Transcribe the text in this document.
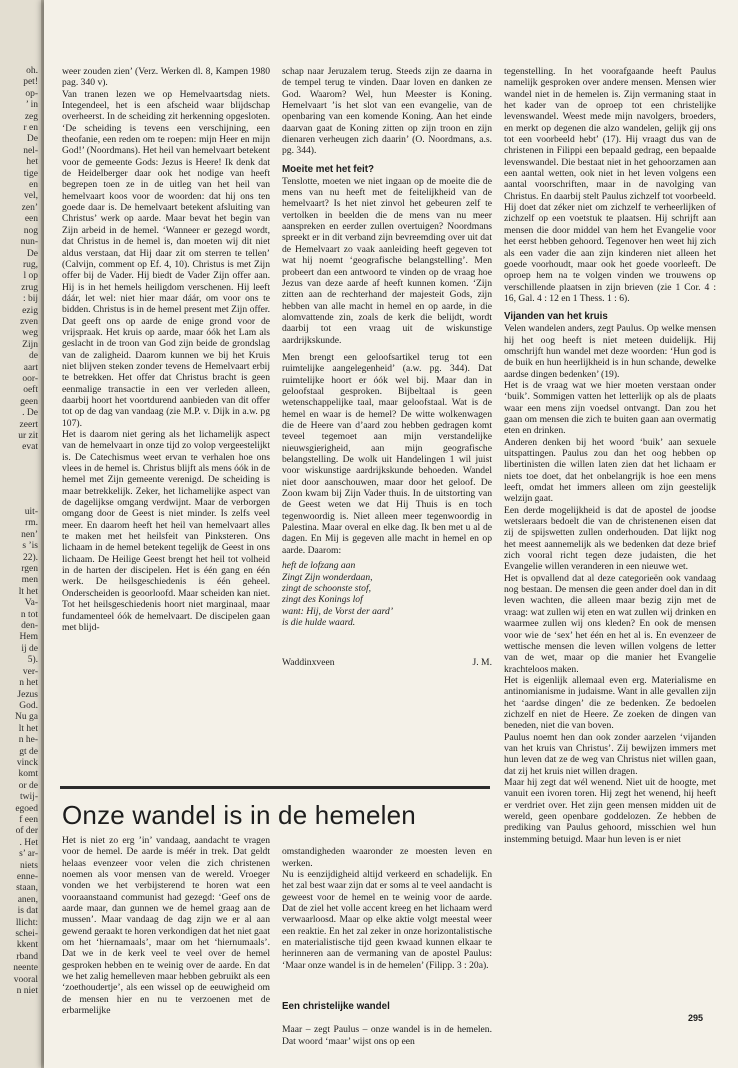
oh.
pet!
op-
’ in
zeg
r en
De
nel-
het
tige
en
vel,
zen’
een
nog
nun-
De
rug,
l op
zrug
: bij
ezig
zven
weg
Zijn
de
aart
oor-
oeft
geen
. De
zeert
ur zit
evat
uit-
rm.
nen’
s ’is
22).
rgen
men
lt het
Va-
n tot
den-
Hem
ij de
5).
ver-
n het
Jezus
God.
Nu ga
lt het
n he-
gt de
vinck
komt
or de
twij-
egoed
f een
of der
. Het
s’ ar-
niets
enne-
staan,
anen,
is dat
llicht:
schei-
kkent
rband
neente
vooral
n niet

weer zouden zien’ (Verz. Werken dl. 8, Kampen 1980 pag. 340 v).

Van tranen lezen we op Hemelvaartsdag niets. Integendeel, het is een afscheid waar blijdschap overheerst. In de scheiding zit herkenning opgesloten. ‘De scheiding is tevens een verschijning, een theofanie, een reden om te roepen: mijn Heer en mijn God!’ (Noordmans). Het heil van hemelvaart betekent voor de gemeente Gods: Jezus is Heere! Ik denk dat de Heidelberger daar ook het nodige van heeft begrepen toen ze in de uitleg van het heil van hemelvaart koos voor de woorden: dat hij ons ten goede daar is. De hemelvaart betekent afsluiting van Christus’ werk op aarde. Maar bevat het begin van Zijn arbeid in de hemel. ‘Wanneer er gezegd wordt, dat Christus in de hemel is, dan moeten wij dit niet aldus verstaan, dat Hij daar zit om sterren te tellen’ (Calvijn, comment op Ef. 4, 10). Christus is met Zijn offer bij de Vader. Hij biedt de Vader Zijn offer aan. Hij is in het hemels heiligdom verschenen. Hij leeft dáár, let wel: niet hier maar dáár, om voor ons te bidden. Christus is in de hemel present met Zijn offer. Dat geeft ons op aarde de enige grond voor de vrijspraak. Het kruis op aarde, maar óók het Lam als geslacht in de troon van God zijn beide de grondslag van de zaligheid. Daarom kunnen we bij het Kruis niet blijven steken zonder tevens de Hemelvaart erbij te betrekken. Het offer dat Christus bracht is geen eenmalige transactie in een ver verleden alleen, daarbij hoort het voortdurend aanbieden van dit offer tot op de dag van vandaag (zie M.P. v. Dijk in a.w. pg 107).

Het is daarom niet gering als het lichamelijk aspect van de hemelvaart in onze tijd zo volop vergeestelijkt is. De Catechismus weet ervan te verhalen hoe ons vlees in de hemel is. Christus blijft als mens óók in de hemel met Zijn gemeente verenigd. De scheiding is maar betrekkelijk. Zeker, het lichamelijke aspect van de dagelijkse omgang verdwijnt. Maar de verborgen omgang door de Geest is niet minder. Is zelfs veel meer. En daarom heeft het heil van hemelvaart alles te maken met het heilsfeit van Pinksteren. Ons lichaam in de hemel betekent tegelijk de Geest in ons lichaam. De Heilige Geest brengt het heil tot volheid in de harten der discipelen. Het is één gang en één werk. De heilsgeschiedenis is één geheel. Onderscheiden is geoorloofd. Maar scheiden kan niet. Tot het heilsgeschiedenis hoort niet marginaal, maar fundamenteel óók de hemelvaart. De discipelen gaan met blijd-

schap naar Jeruzalem terug. Steeds zijn ze daarna in de tempel terug te vinden. Daar loven en danken ze God. Waarom? Wel, hun Meester is Koning. Hemelvaart ’is het slot van een evangelie, van de openbaring van een komende Koning. Aan het einde daarvan gaat de Koning zitten op zijn troon en zijn dienaren verheugen zich daarin’ (O. Noordmans, a.s. pg. 344).

Moeite met het feit?

Tenslotte, moeten we niet ingaan op de moeite die de mens van nu heeft met de feitelijkheid van de hemelvaart? Is het niet zinvol het gebeuren zelf te vertolken in beelden die de mens van nu meer aanspreken en eerder zullen overtuigen? Noordmans spreekt er in dit verband zijn bevreemding over uit dat de Hemelvaart zo vaak aanleiding heeft gegeven tot wat hij noemt ‘geografische belangstelling’. Men probeert dan een antwoord te vinden op de vraag hoe Jezus van deze aarde af heeft kunnen komen. ‘Zijn zitten aan de rechterhand der majesteit Gods, zijn hebben van alle macht in hemel en op aarde, in die alomvattende zin, zoals de kerk die belijdt, wordt daarbij tot een vraag uit de wiskunstige aardrijkskunde.

Men brengt een geloofsartikel terug tot een ruimtelijke aangelegenheid’ (a.w. pg. 344). Dat ruimtelijke hoort er óók wel bij. Maar dan in geloofstaal gesproken. Bijbeltaal is geen wetenschappelijke taal, maar geloofstaal. Wat is de hemel en waar is de hemel? De witte wolkenwagen die de Heere van d’aard zou hebben gedragen komt teveel tegemoet aan mijn verstandelijke nieuwsgierigheid, aan mijn geografische belangstelling. De wolk uit Handelingen 1 wil juist voor wiskunstige aardrijkskunde behoeden. Wandel niet door aanschouwen, maar door het geloof. De Zoon kwam bij Zijn Vader thuis. In de uitstorting van de Geest weten we dat Hij Thuis is en toch tegenwoordig is. Niet alleen meer tegenwoordig in Palestina. Maar overal en elke dag. Ik ben met u al de dagen. En Mij is gegeven alle macht in hemel en op aarde. Daarom:

heft de lofzang aan
Zingt Zijn wonderdaan,
zingt de schoonste stof,
zingt des Konings lof
want: Hij, de Vorst der aard’
is die hulde waard.
Waddinxveen	J. M.

tegenstelling. In het voorafgaande heeft Paulus namelijk gesproken over andere mensen. Mensen wier wandel niet in de hemelen is. Zijn vermaning staat in het kader van de oproep tot een christelijke levenswandel. Weest mede mijn navolgers, broeders, en merkt op degenen die alzo wandelen, gelijk gij ons tot een voorbeeld hebt’ (17). Hij vraagt dus van de christenen in Filippi een bepaald gedrag, een bepaalde levenswandel. Die bestaat niet in het gehoorzamen aan een aantal wetten, ook niet in het leven volgens een aantal voorschriften, maar in de navolging van Christus. En daarbij stelt Paulus zichzelf tot voorbeeld. Hij doet dat zéker niet om zichzelf te verheerlijken of zichzelf op een voetstuk te plaatsen. Hij schrijft aan mensen die door middel van hem het Evangelie voor het eerst hebben gehoord. Tegenover hen weet hij zich als een vader die aan zijn kinderen niet alleen het goede voorhoudt, maar ook het goede voorleeft. De oproep hem na te volgen vinden we trouwens op verschillende plaatsen in zijn brieven (zie 1 Cor. 4 : 16, Gal. 4 : 12 en 1 Thess. 1 : 6).

Vijanden van het kruis

Velen wandelen anders, zegt Paulus. Op welke mensen hij het oog heeft is niet meteen duidelijk. Hij omschrijft hun wandel met deze woorden: ‘Hun god is de buik en hun heerlijkheid is in hun schande, dewelke aardse dingen bedenken’ (19).

Het is de vraag wat we hier moeten verstaan onder ‘buik’. Sommigen vatten het letterlijk op als de plaats waar een mens zijn voedsel ontvangt. Dan zou het gaan om mensen die zich te buiten gaan aan overmatig eten en drinken.

Anderen denken bij het woord ‘buik’ aan sexuele uitspattingen. Paulus zou dan het oog hebben op libertinisten die willen laten zien dat het lichaam er niets toe doet, dat het onbelangrijk is hoe een mens leeft, omdat het immers alleen om zijn geestelijk welzijn gaat.

Een derde mogelijkheid is dat de apostel de joodse wetsleraars bedoelt die van de christenenen eisen dat zij de spijswetten zullen onderhouden. Dat lijkt nog het meest aannemelijk als we bedenken dat deze brief zich vooral richt tegen deze judaisten, die het Evangelie willen veranderen in een nieuwe wet.

Het is opvallend dat al deze categorieën ook vandaag nog bestaan. De mensen die geen ander doel dan in dit leven wachten, die alleen maar bezig zijn met de vraag: wat zullen wij eten en wat zullen wij drinken en waarmee zullen wij ons kleden? En ook de mensen voor wie de ‘sex’ het één en het al is. En evenzeer de wettische mensen die leven willen volgens de letter van de wet, maar op die manier het Evangelie krachteloos maken.

Het is eigenlijk allemaal even erg. Materialisme en antinomianisme in judaisme. Want in alle gevallen zijn het ‘aardse dingen’ die ze bedenken. Ze bedoelen zichzelf en niet de Heere. Ze zoeken de dingen van beneden, niet die van boven.

Paulus noemt hen dan ook zonder aarzelen ‘vijanden van het kruis van Christus’. Zij bewijzen immers met hun leven dat ze de weg van Christus niet willen gaan, dat zij het kruis niet willen dragen.

Maar hij zegt dat wél wenend. Niet uit de hoogte, met vanuit een ivoren toren. Hij zegt het wenend, hij heeft er verdriet over. Het zijn geen mensen midden uit de wereld, geen openbare goddelozen. Ze hebben de prediking van Paulus gehoord, misschien wel hun instemming betuigd. Maar hun leven is er niet

Onze wandel is in de hemelen

Het is niet zo erg ’in’ vandaag, aandacht te vragen voor de hemel. De aarde is méér in trek. Dat geldt helaas evenzeer voor velen die zich christenen noemen als voor mensen van de wereld. Vroeger vonden we het verbijsterend te horen wat een vooraanstaand communist had gezegd: ‘Geef ons de aarde maar, dan gunnen we de hemel graag aan de mussen’. Maar vandaag de dag zijn we er al aan gewend geraakt te horen verkondigen dat het niet gaat om het ‘hiernamaals’, maar om het ‘hiernumaals’. Dat we in de kerk veel te veel over de hemel gesproken hebben en te weinig over de aarde. En dat we het zalig hemelleven maar hebben gebruikt als een ‘zoethoudertje’, als een wissel op de eeuwigheid om de mensen hier en nu te verzoenen met de erbarmelijke

omstandigheden waaronder ze moesten leven en werken.
Nu is eenzijdigheid altijd verkeerd en schadelijk. En het zal best waar zijn dat er soms al te veel aandacht is geweest voor de hemel en te weinig voor de aarde. Dat de ziel het volle accent kreeg en het lichaam werd verwaarloosd. Maar op elke aktie volgt meestal weer een reaktie. En het zal zeker in onze horizontalistische en materialistische tijd geen kwaad kunnen elkaar te herinneren aan de vermaning van de apostel Paulus: ‘Maar onze wandel is in de hemelen’ (Filipp. 3 : 20a).

Een christelijke wandel

Maar – zegt Paulus – onze wandel is in de hemelen. Dat woord ‘maar’ wijst ons op een

295
